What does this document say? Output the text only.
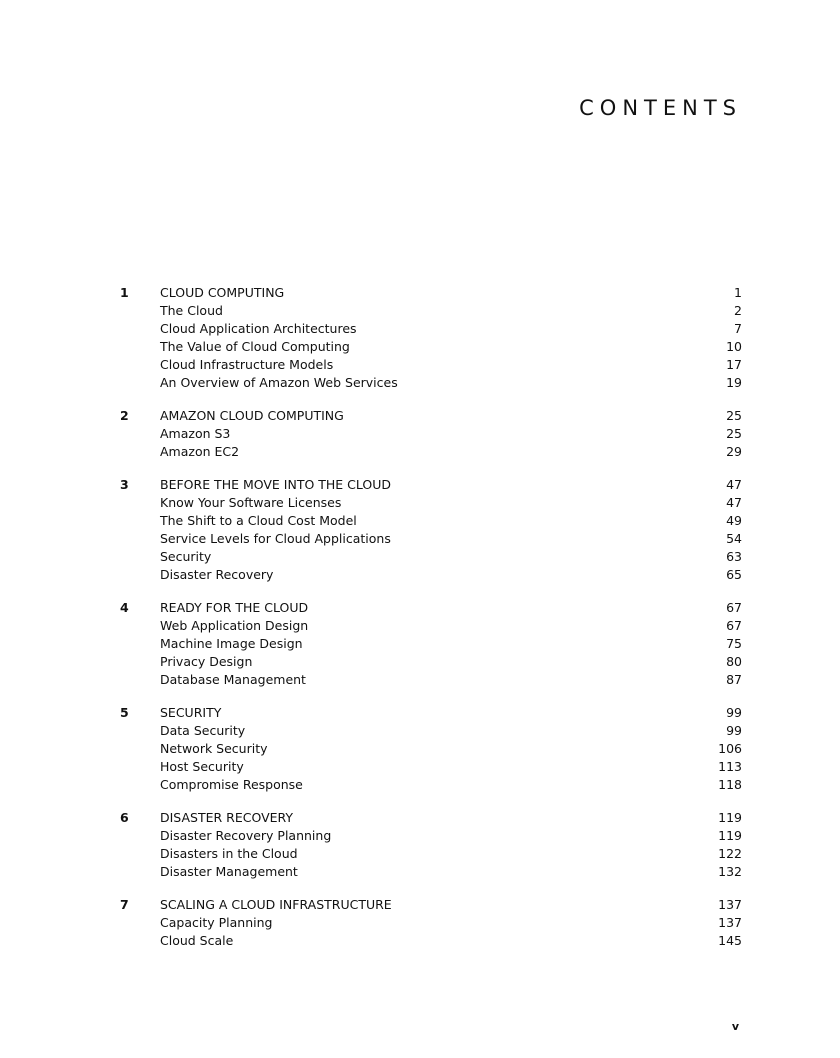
CONTENTS
1	CLOUD COMPUTING	1
The Cloud	2
Cloud Application Architectures	7
The Value of Cloud Computing	10
Cloud Infrastructure Models	17
An Overview of Amazon Web Services	19
2	AMAZON CLOUD COMPUTING	25
Amazon S3	25
Amazon EC2	29
3	BEFORE THE MOVE INTO THE CLOUD	47
Know Your Software Licenses	47
The Shift to a Cloud Cost Model	49
Service Levels for Cloud Applications	54
Security	63
Disaster Recovery	65
4	READY FOR THE CLOUD	67
Web Application Design	67
Machine Image Design	75
Privacy Design	80
Database Management	87
5	SECURITY	99
Data Security	99
Network Security	106
Host Security	113
Compromise Response	118
6	DISASTER RECOVERY	119
Disaster Recovery Planning	119
Disasters in the Cloud	122
Disaster Management	132
7	SCALING A CLOUD INFRASTRUCTURE	137
Capacity Planning	137
Cloud Scale	145
v
